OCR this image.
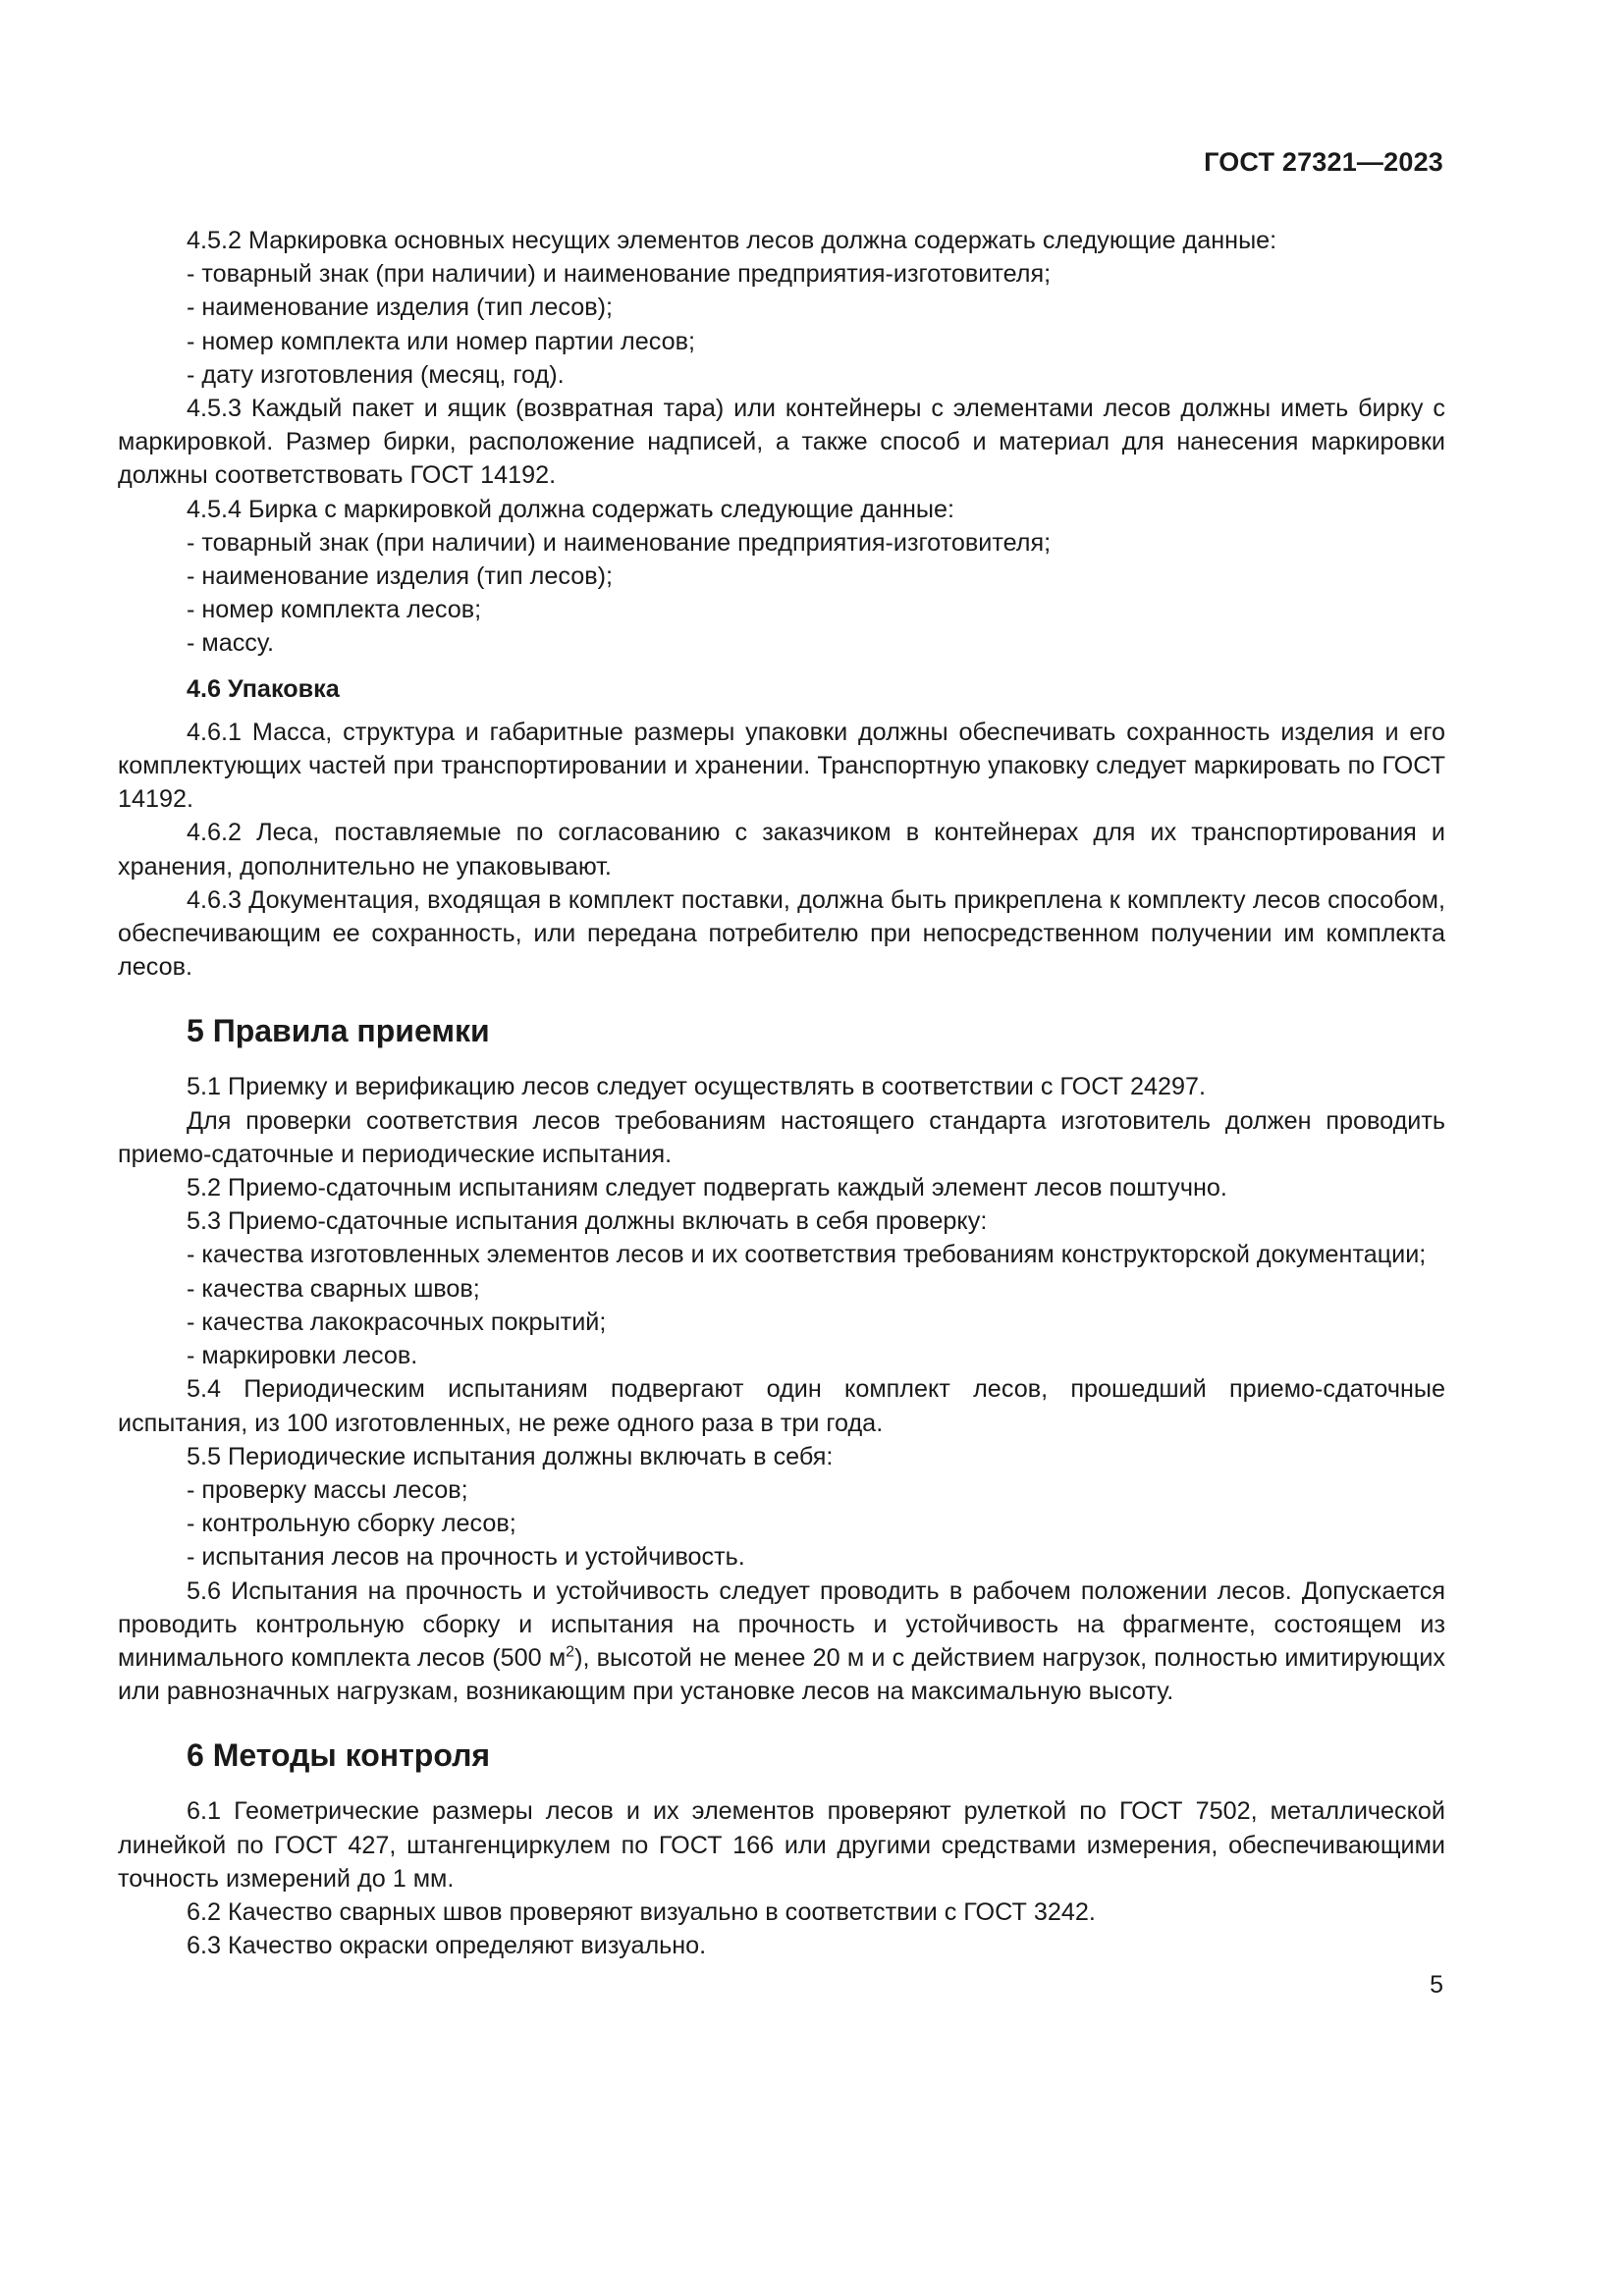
ГОСТ 27321—2023

4.5.2 Маркировка основных несущих элементов лесов должна содержать следующие данные:

- товарный знак (при наличии) и наименование предприятия-изготовителя;

- наименование изделия (тип лесов);

- номер комплекта или номер партии лесов;

- дату изготовления (месяц, год).

4.5.3 Каждый пакет и ящик (возвратная тара) или контейнеры с элементами лесов должны иметь бирку с маркировкой. Размер бирки, расположение надписей, а также способ и материал для нанесения маркировки должны соответствовать ГОСТ 14192.

4.5.4 Бирка с маркировкой должна содержать следующие данные:

- товарный знак (при наличии) и наименование предприятия-изготовителя;

- наименование изделия (тип лесов);

- номер комплекта лесов;

- массу.

4.6 Упаковка

4.6.1 Масса, структура и габаритные размеры упаковки должны обеспечивать сохранность изделия и его комплектующих частей при транспортировании и хранении. Транспортную упаковку следует маркировать по ГОСТ 14192.

4.6.2 Леса, поставляемые по согласованию с заказчиком в контейнерах для их транспортирования и хранения, дополнительно не упаковывают.

4.6.3 Документация, входящая в комплект поставки, должна быть прикреплена к комплекту лесов способом, обеспечивающим ее сохранность, или передана потребителю при непосредственном получении им комплекта лесов.

5 Правила приемки

5.1 Приемку и верификацию лесов следует осуществлять в соответствии с ГОСТ 24297.

Для проверки соответствия лесов требованиям настоящего стандарта изготовитель должен проводить приемо-сдаточные и периодические испытания.

5.2 Приемо-сдаточным испытаниям следует подвергать каждый элемент лесов поштучно.

5.3 Приемо-сдаточные испытания должны включать в себя проверку:

- качества изготовленных элементов лесов и их соответствия требованиям конструкторской документации;

- качества сварных швов;

- качества лакокрасочных покрытий;

- маркировки лесов.

5.4 Периодическим испытаниям подвергают один комплект лесов, прошедший приемо-сдаточные испытания, из 100 изготовленных, не реже одного раза в три года.

5.5 Периодические испытания должны включать в себя:

- проверку массы лесов;

- контрольную сборку лесов;

- испытания лесов на прочность и устойчивость.

5.6 Испытания на прочность и устойчивость следует проводить в рабочем положении лесов. Допускается проводить контрольную сборку и испытания на прочность и устойчивость на фрагменте, состоящем из минимального комплекта лесов (500 $м^2$), высотой не менее 20 м и с действием нагрузок, полностью имитирующих или равнозначных нагрузкам, возникающим при установке лесов на максимальную высоту.

6 Методы контроля

6.1 Геометрические размеры лесов и их элементов проверяют рулеткой по ГОСТ 7502, металлической линейкой по ГОСТ 427, штангенциркулем по ГОСТ 166 или другими средствами измерения, обеспечивающими точность измерений до 1 мм.

6.2 Качество сварных швов проверяют визуально в соответствии с ГОСТ 3242.

6.3 Качество окраски определяют визуально.

5
